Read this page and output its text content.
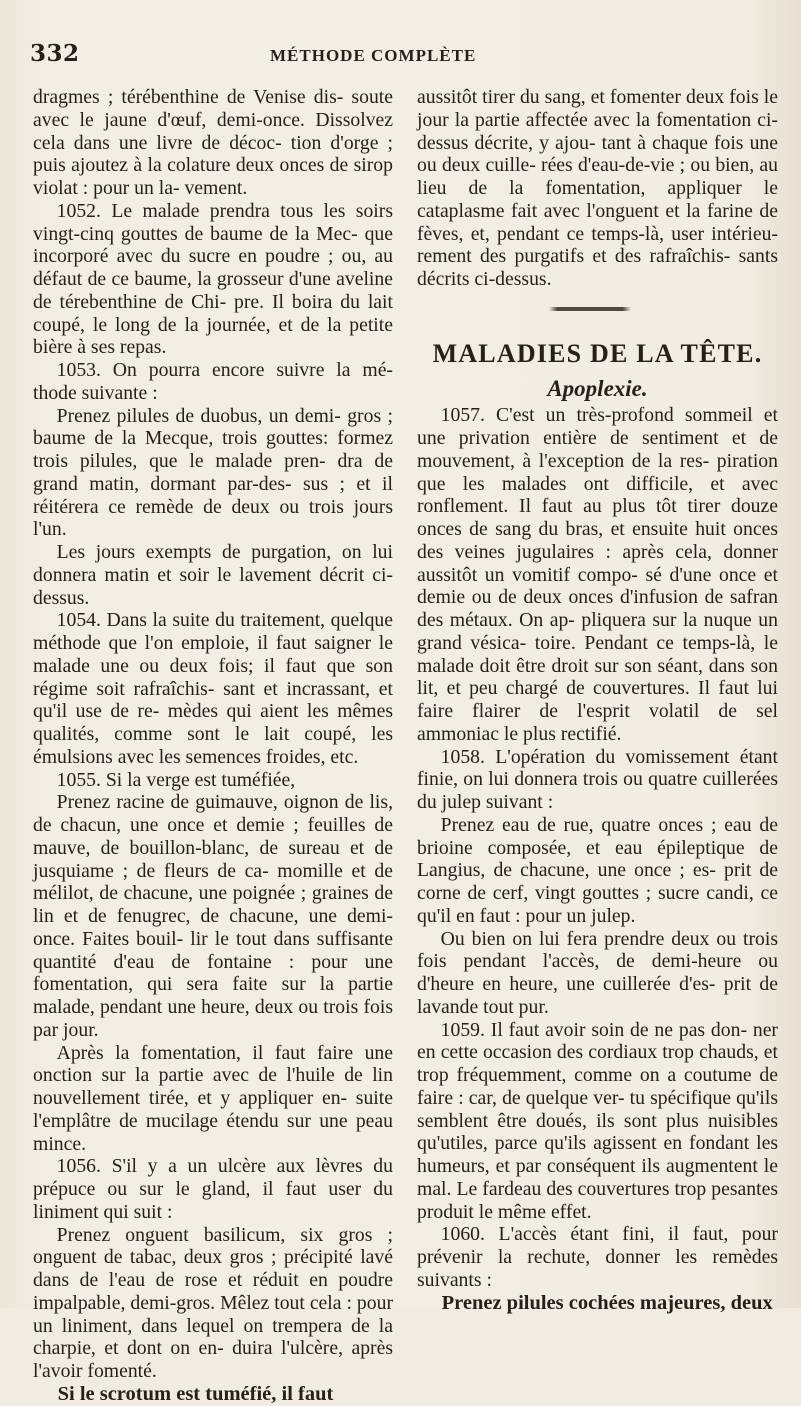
332	MÉTHODE COMPLÈTE

dragmes ; térébenthine de Venise dis- soute avec le jaune d'œuf, demi-once. Dissolvez cela dans une livre de décoc- tion d'orge ; puis ajoutez à la colature deux onces de sirop violat : pour un la- vement.

1052. Le malade prendra tous les soirs vingt-cinq gouttes de baume de la Mec- que incorporé avec du sucre en poudre ; ou, au défaut de ce baume, la grosseur d'une aveline de térebenthine de Chi- pre. Il boira du lait coupé, le long de la journée, et de la petite bière à ses repas.

1053. On pourra encore suivre la mé- thode suivante :

Prenez pilules de duobus, un demi- gros ; baume de la Mecque, trois gouttes: formez trois pilules, que le malade pren- dra de grand matin, dormant par-des- sus ; et il réitérera ce remède de deux ou trois jours l'un.

Les jours exempts de purgation, on lui donnera matin et soir le lavement décrit ci-dessus.

1054. Dans la suite du traitement, quelque méthode que l'on emploie, il faut saigner le malade une ou deux fois; il faut que son régime soit rafraîchis- sant et incrassant, et qu'il use de re- mèdes qui aient les mêmes qualités, comme sont le lait coupé, les émulsions avec les semences froides, etc.

1055. Si la verge est tuméfiée,

Prenez racine de guimauve, oignon de lis, de chacun, une once et demie ; feuilles de mauve, de bouillon-blanc, de sureau et de jusquiame ; de fleurs de ca- momille et de mélilot, de chacune, une poignée ; graines de lin et de fenugrec, de chacune, une demi-once. Faites bouil- lir le tout dans suffisante quantité d'eau de fontaine : pour une fomentation, qui sera faite sur la partie malade, pendant une heure, deux ou trois fois par jour.

Après la fomentation, il faut faire une onction sur la partie avec de l'huile de lin nouvellement tirée, et y appliquer en- suite l'emplâtre de mucilage étendu sur une peau mince.

1056. S'il y a un ulcère aux lèvres du prépuce ou sur le gland, il faut user du liniment qui suit :

Prenez onguent basilicum, six gros ; onguent de tabac, deux gros ; précipité lavé dans de l'eau de rose et réduit en poudre impalpable, demi-gros. Mêlez tout cela : pour un liniment, dans lequel on trempera de la charpie, et dont on en- duira l'ulcère, après l'avoir fomenté.

Si le scrotum est tuméfié, il faut

aussitôt tirer du sang, et fomenter deux fois le jour la partie affectée avec la fomentation ci-dessus décrite, y ajou- tant à chaque fois une ou deux cuille- rées d'eau-de-vie ; ou bien, au lieu de la fomentation, appliquer le cataplasme fait avec l'onguent et la farine de fèves, et, pendant ce temps-là, user intérieu- rement des purgatifs et des rafraîchis- sants décrits ci-dessus.

MALADIES DE LA TÊTE.
Apoplexie.

1057. C'est un très-profond sommeil et une privation entière de sentiment et de mouvement, à l'exception de la res- piration que les malades ont difficile, et avec ronflement. Il faut au plus tôt tirer douze onces de sang du bras, et ensuite huit onces des veines jugulaires : après cela, donner aussitôt un vomitif compo- sé d'une once et demie ou de deux onces d'infusion de safran des métaux. On ap- pliquera sur la nuque un grand vésica- toire. Pendant ce temps-là, le malade doit être droit sur son séant, dans son lit, et peu chargé de couvertures. Il faut lui faire flairer de l'esprit volatil de sel ammoniac le plus rectifié.

1058. L'opération du vomissement étant finie, on lui donnera trois ou quatre cuillerées du julep suivant :

Prenez eau de rue, quatre onces ; eau de brioine composée, et eau épileptique de Langius, de chacune, une once ; es- prit de corne de cerf, vingt gouttes ; sucre candi, ce qu'il en faut : pour un julep.

Ou bien on lui fera prendre deux ou trois fois pendant l'accès, de demi-heure ou d'heure en heure, une cuillerée d'es- prit de lavande tout pur.

1059. Il faut avoir soin de ne pas don- ner en cette occasion des cordiaux trop chauds, et trop fréquemment, comme on a coutume de faire : car, de quelque ver- tu spécifique qu'ils semblent être doués, ils sont plus nuisibles qu'utiles, parce qu'ils agissent en fondant les humeurs, et par conséquent ils augmentent le mal. Le fardeau des couvertures trop pesantes produit le même effet.

1060. L'accès étant fini, il faut, pour prévenir la rechute, donner les remèdes suivants :

Prenez pilules cochées majeures, deux
